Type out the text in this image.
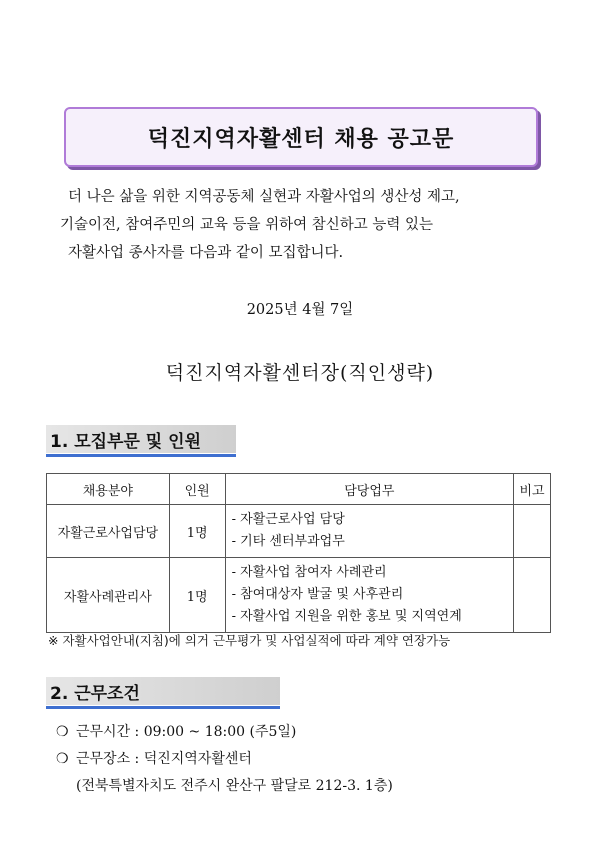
덕진지역자활센터 채용 공고문
더 나은 삶을 위한 지역공동체 실현과 자활사업의 생산성 제고,
기술이전, 참여주민의 교육 등을 위하여 참신하고 능력 있는
자활사업 종사자를 다음과 같이 모집합니다.
2025년 4월 7일
덕진지역자활센터장(직인생략)
1. 모집부문 및 인원
채용분야	인원	담당업무	비고
자활근로사업담당	1명	- 자활근로사업 담당
- 기타 센터부과업무	

자활사례관리사	1명	- 자활사업 참여자 사례관리
- 참여대상자 발굴 및 사후관리
- 자활사업 지원을 위한 홍보 및 지역연계	

※ 자활사업안내(지침)에 의거 근무평가 및 사업실적에 따라 계약 연장가능
2. 근무조건
❍ 근무시간 : 09:00 ~ 18:00 (주5일)
❍ 근무장소 : 덕진지역자활센터
(전북특별자치도 전주시 완산구 팔달로 212-3. 1층)
